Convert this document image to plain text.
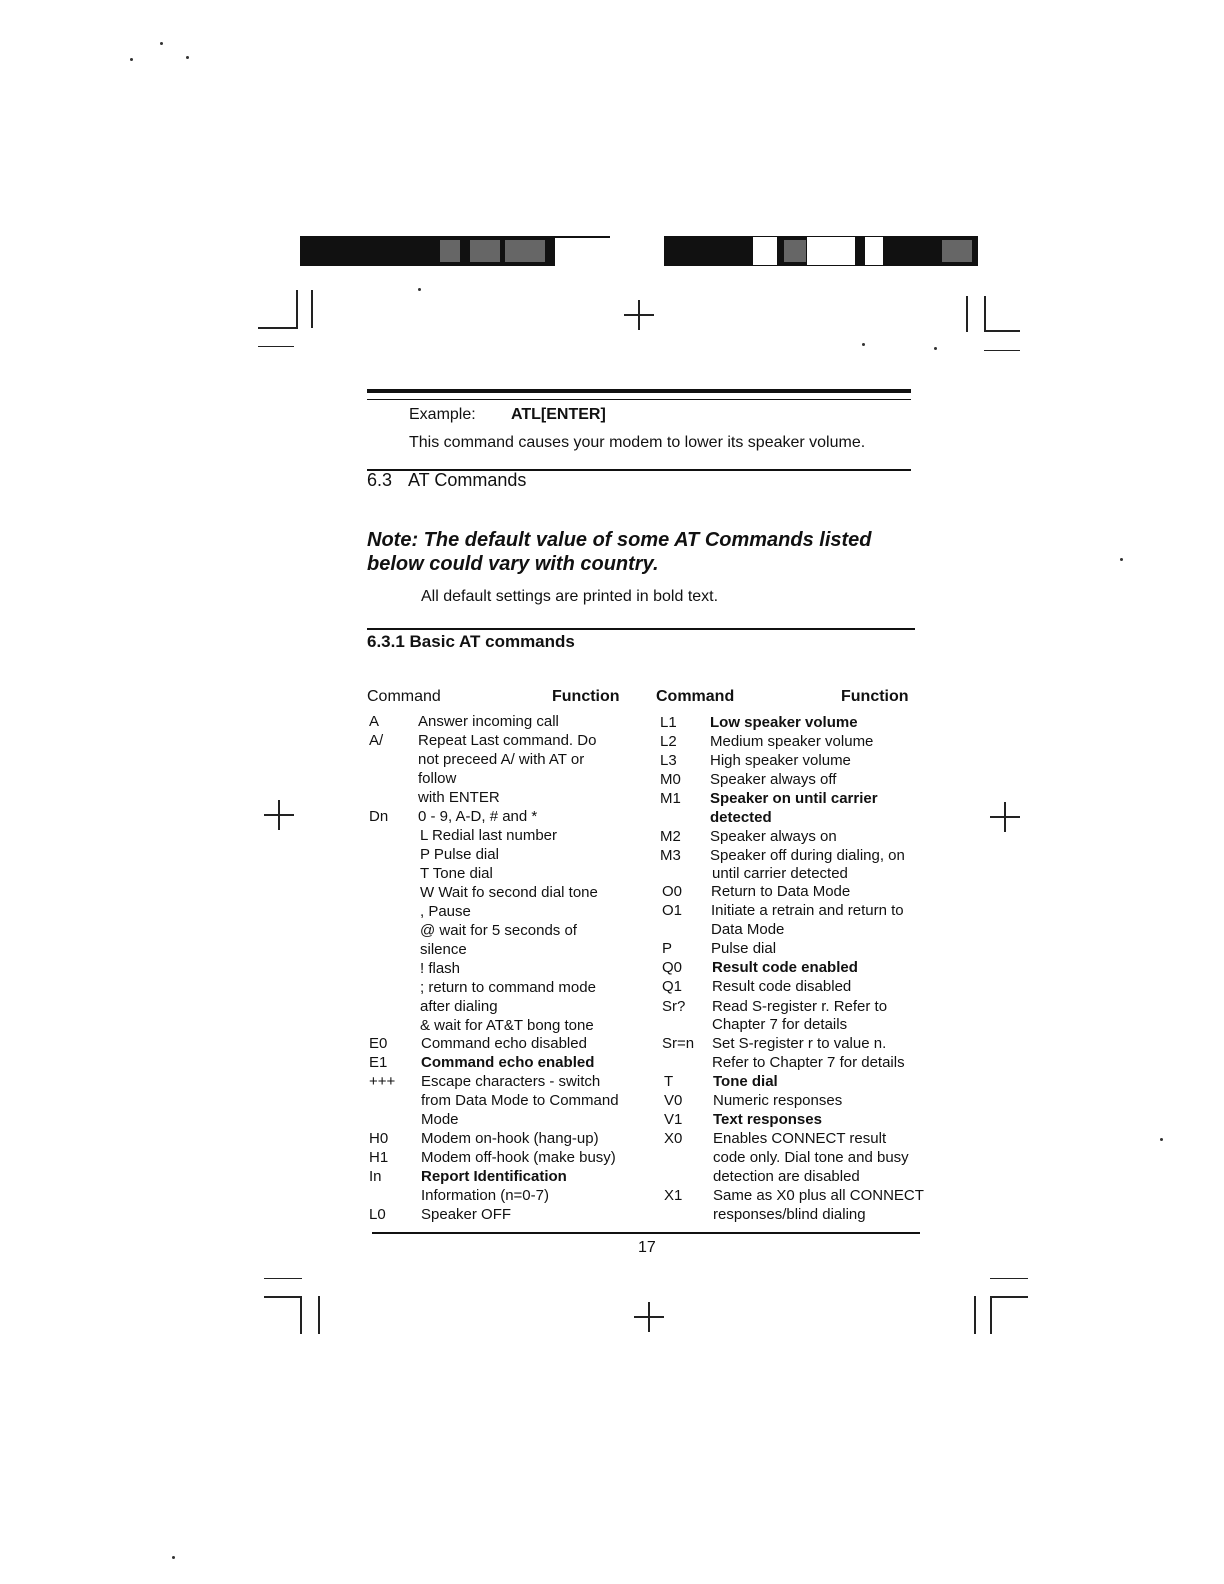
Example: ATL[ENTER]
This command causes your modem to lower its speaker volume.
6.3 AT Commands
Note: The default value of some AT Commands listed below could vary with country.
All default settings are printed in bold text.
6.3.1 Basic AT commands
Command	Function Command	Function
A
A/
Dn
E0
E1
+++
H0
H1
In
L0
Answer incoming call
Repeat Last command. Do
not preceed A/ with AT or
follow
with ENTER
0 - 9, A-D, # and *
L Redial last number
P Pulse dial
T Tone dial
W Wait fo second dial tone
, Pause
@ wait for 5 seconds of
silence
! flash
; return to command mode
after dialing
& wait for AT&T bong tone
Command echo disabled
Command echo enabled
Escape characters - switch
from Data Mode to Command
Mode
Modem on-hook (hang-up)
Modem off-hook (make busy)
Report Identification
Information (n=0-7)
Speaker OFF
L1
L2
L3
M0
M1
M2
M3
O0
O1
P
Q0
Q1
Sr?
Sr=n
T
V0
V1
X0
X1
Low speaker volume
Medium speaker volume
High speaker volume
Speaker always off
Speaker on until carrier
detected
Speaker always on
Speaker off during dialing, on
until carrier detected
Return to Data Mode
Initiate a retrain and return to
Data Mode
Pulse dial
Result code enabled
Result code disabled
Read S-register r. Refer to
Chapter 7 for details
Set S-register r to value n.
Refer to Chapter 7 for details
Tone dial
Numeric responses
Text responses
Enables CONNECT result
code only. Dial tone and busy
detection are disabled
Same as X0 plus all CONNECT
responses/blind dialing
17
